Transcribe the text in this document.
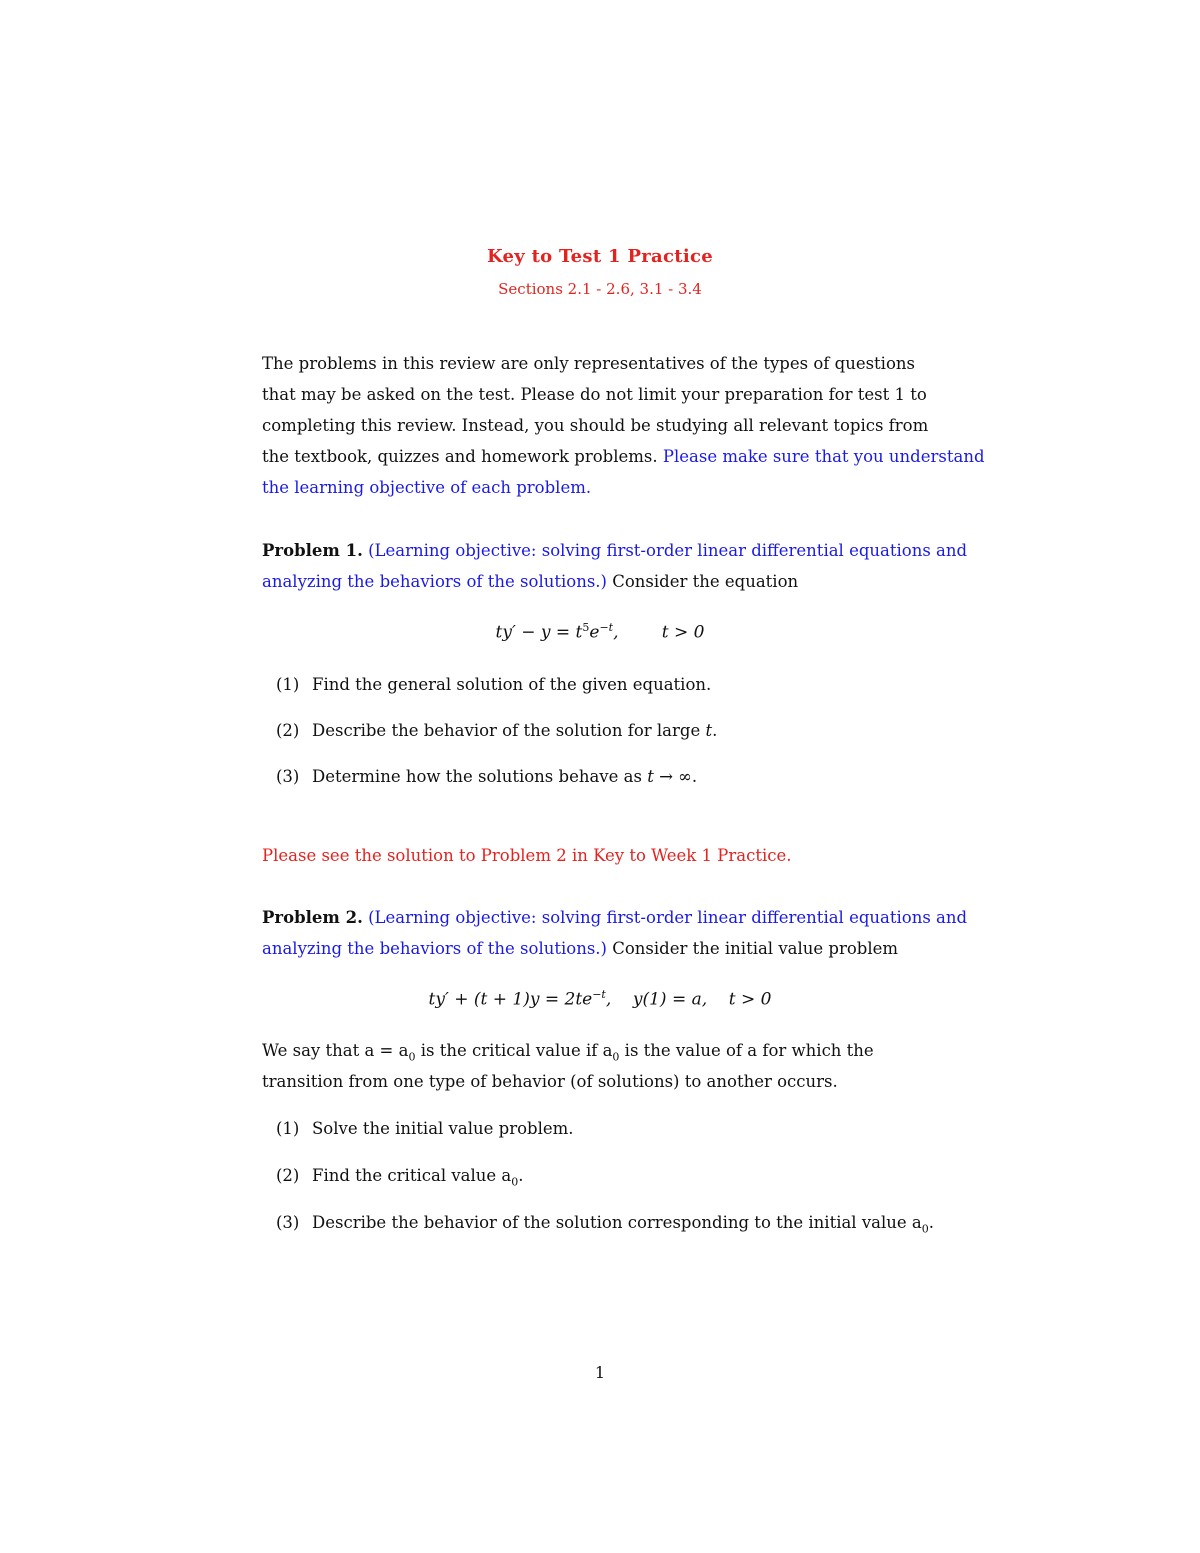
Key to Test 1 Practice
Sections 2.1 - 2.6, 3.1 - 3.4
The problems in this review are only representatives of the types of questions
that may be asked on the test. Please do not limit your preparation for test 1 to
completing this review. Instead, you should be studying all relevant topics from
the textbook, quizzes and homework problems. Please make sure that you understand
the learning objective of each problem.
Problem 1. (Learning objective: solving first-order linear differential equations and
analyzing the behaviors of the solutions.) Consider the equation
$ty' - y = t^5e^{-t}$,        t > 0
(1) Find the general solution of the given equation.
(2) Describe the behavior of the solution for large t.
(3) Determine how the solutions behave as t → ∞.
Please see the solution to Problem 2 in Key to Week 1 Practice.
Problem 2. (Learning objective: solving first-order linear differential equations and
analyzing the behaviors of the solutions.) Consider the initial value problem
$ty' + (t + 1)y = 2te^{-t}$,    y(1) = a,    t > 0
We say that $a = a_0$ is the critical value if $a_0$ is the value of a for which the
transition from one type of behavior (of solutions) to another occurs.
(1) Solve the initial value problem.
(2) Find the critical value $a_0$.
(3) Describe the behavior of the solution corresponding to the initial value $a_0$.
1
